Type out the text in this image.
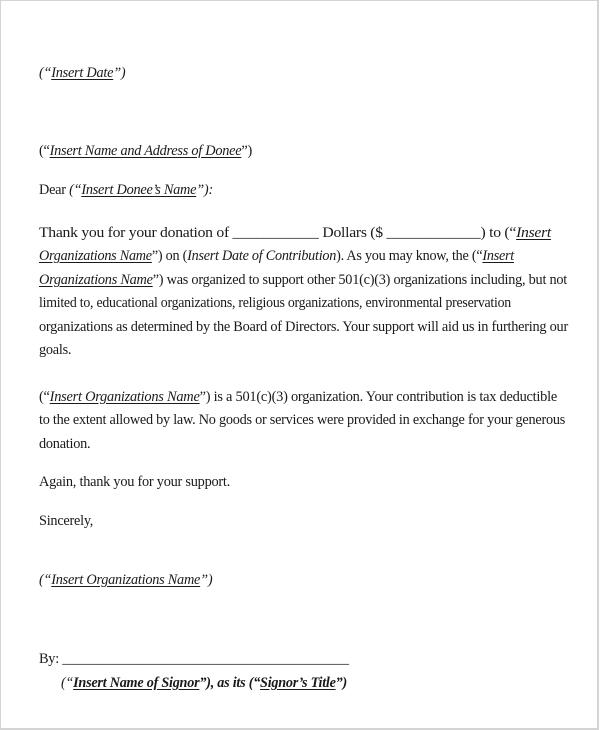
(“Insert Date”)
(“Insert Name and Address of Donee”)
Dear (“Insert Donee’s Name”):
Thank you for your donation of ___________ Dollars ($ ____________) to (“Insert
Organizations Name”) on (Insert Date of Contribution). As you may know, the (“Insert
Organizations Name”) was organized to support other 501(c)(3) organizations including, but not
limited to, educational organizations, religious organizations, environmental preservation
organizations as determined by the Board of Directors. Your support will aid us in furthering our
goals.
(“Insert Organizations Name”) is a 501(c)(3) organization. Your contribution is tax deductible
to the extent allowed by law. No goods or services were provided in exchange for your generous
donation.
Again, thank you for your support.
Sincerely,
(“Insert Organizations Name”)
By: ________________________________________
(“Insert Name of Signor”), as its (“Signor’s Title”)
